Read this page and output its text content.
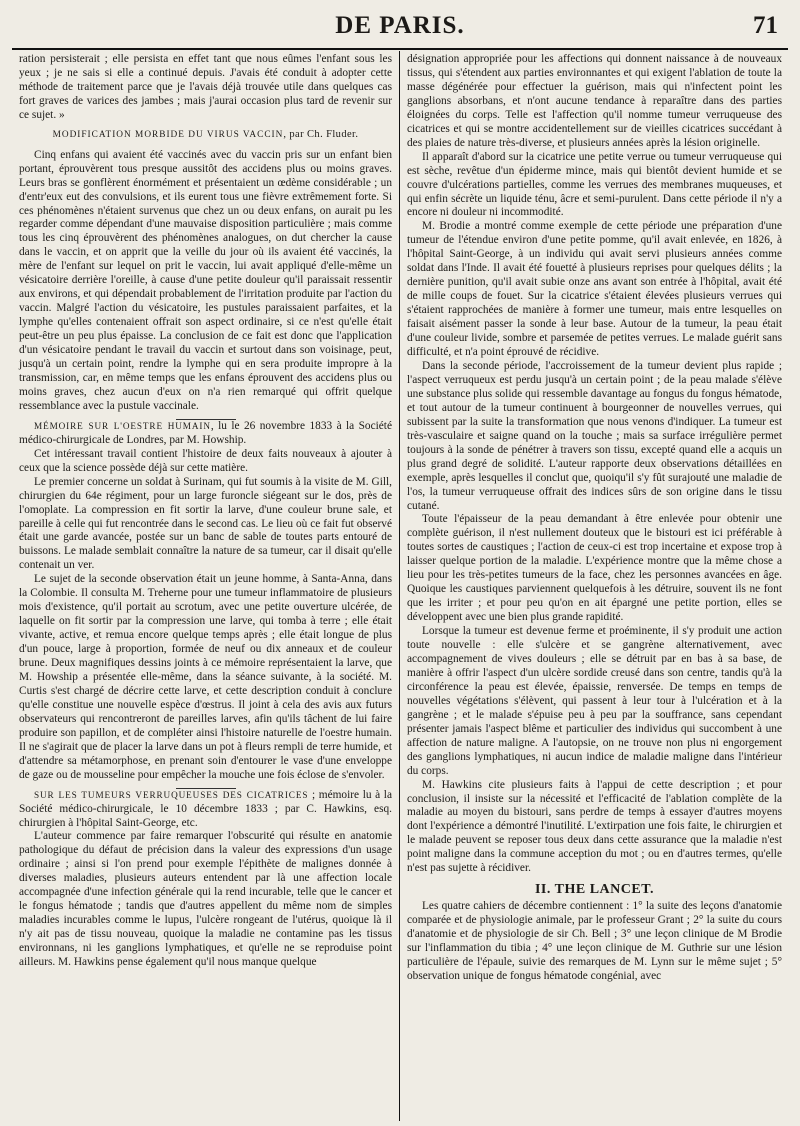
DE PARIS.	71

ration persisterait ; elle persista en effet tant que nous eûmes l'enfant sous les yeux ; je ne sais si elle a continué depuis. J'avais été conduit à adopter cette méthode de traitement parce que je l'avais déjà trouvée utile dans quelques cas fort graves de varices des jambes ; mais j'aurai occasion plus tard de revenir sur ce sujet. »

MODIFICATION MORBIDE DU VIRUS VACCIN, par Ch. Fluder.

Cinq enfans qui avaient été vaccinés avec du vaccin pris sur un enfant bien portant, éprouvèrent tous presque aussitôt des accidens plus ou moins graves. Leurs bras se gonflèrent énormément et présentaient un œdème considérable ; un d'entr'eux eut des convulsions, et ils eurent tous une fièvre extrêmement forte. Si ces phénomènes n'étaient survenus que chez un ou deux enfans, on aurait pu les regarder comme dépendant d'une mauvaise disposition particulière ; mais comme tous les cinq éprouvèrent des phénomènes analogues, on dut chercher la cause dans le vaccin, et on apprit que la veille du jour où ils avaient été vaccinés, la mère de l'enfant sur lequel on prit le vaccin, lui avait appliqué d'elle-même un vésicatoire derrière l'oreille, à cause d'une petite douleur qu'il paraissait ressentir aux environs, et qui dépendait probablement de l'irritation produite par l'action du vaccin. Malgré l'action du vésicatoire, les pustules paraissaient parfaites, et la lymphe qu'elles contenaient offrait son aspect ordinaire, si ce n'est qu'elle était peut-être un peu plus épaisse. La conclusion de ce fait est donc que l'application d'un vésicatoire pendant le travail du vaccin et surtout dans son voisinage, peut, jusqu'à un certain point, rendre la lymphe qui en sera produite impropre à la transmission, car, en même temps que les enfans éprouvent des accidens plus ou moins graves, chez aucun d'eux on n'a rien remarqué qui offrit quelque ressemblance avec la pustule vaccinale.

MÉMOIRE SUR L'OESTRE HUMAIN, lu le 26 novembre 1833 à la Société médico-chirurgicale de Londres, par M. Howship.

Cet intéressant travail contient l'histoire de deux faits nouveaux à ajouter à ceux que la science possède déjà sur cette matière.

Le premier concerne un soldat à Surinam, qui fut soumis à la visite de M. Gill, chirurgien du 64e régiment, pour un large furoncle siégeant sur le dos, près de l'omoplate. La compression en fit sortir la larve, d'une couleur brune sale, et pareille à celle qui fut rencontrée dans le second cas. Le lieu où ce fait fut observé était une garde avancée, postée sur un banc de sable de toutes parts entouré de buissons. Le malade semblait connaître la nature de sa tumeur, car il disait qu'elle contenait un ver.

Le sujet de la seconde observation était un jeune homme, à Santa-Anna, dans la Colombie. Il consulta M. Treherne pour une tumeur inflammatoire de plusieurs mois d'existence, qu'il portait au scrotum, avec une petite ouverture ulcérée, de laquelle on fit sortir par la compression une larve, qui tomba à terre ; elle était vivante, active, et remua encore quelque temps après ; elle était longue de plus d'un pouce, large à proportion, formée de neuf ou dix anneaux et de couleur brune. Deux magnifiques dessins joints à ce mémoire représentaient la larve, que M. Howship a présentée elle-même, dans la séance suivante, à la société. M. Curtis s'est chargé de décrire cette larve, et cette description conduit à conclure qu'elle constitue une nouvelle espèce d'œstrus. Il joint à cela des avis aux futurs observateurs qui rencontreront de pareilles larves, afin qu'ils tâchent de lui faire produire son papillon, et de compléter ainsi l'histoire naturelle de l'oestre humain. Il ne s'agirait que de placer la larve dans un pot à fleurs rempli de terre humide, et d'attendre sa métamorphose, en prenant soin d'entourer le vase d'une enveloppe de gaze ou de mousseline pour empêcher la mouche une fois éclose de s'envoler.

SUR LES TUMEURS VERRUQUEUSES DES CICATRICES ; mémoire lu à la Société médico-chirurgicale, le 10 décembre 1833 ; par C. Hawkins, esq. chirurgien à l'hôpital Saint-George, etc.

L'auteur commence par faire remarquer l'obscurité qui résulte en anatomie pathologique du défaut de précision dans la valeur des expressions d'un usage ordinaire ; ainsi si l'on prend pour exemple l'épithète de malignes donnée à diverses maladies, plusieurs auteurs entendent par là une affection locale accompagnée d'une infection générale qui la rend incurable, telle que le cancer et le fongus hématode ; tandis que d'autres appellent du même nom de simples maladies incurables comme le lupus, l'ulcère rongeant de l'utérus, quoique là il n'y ait pas de tissu nouveau, quoique la maladie ne contamine pas les tissus environnans, ni les ganglions lymphatiques, et qu'elle ne se reproduise point ailleurs. M. Hawkins pense également qu'il nous manque quelque

désignation appropriée pour les affections qui donnent naissance à de nouveaux tissus, qui s'étendent aux parties environnantes et qui exigent l'ablation de toute la masse dégénérée pour effectuer la guérison, mais qui n'infectent point les ganglions absorbans, et n'ont aucune tendance à reparaître dans des parties éloignées du corps. Telle est l'affection qu'il nomme tumeur verruqueuse des cicatrices et qui se montre accidentellement sur de vieilles cicatrices succédant à des plaies de nature très-diverse, et plusieurs années après la lésion originelle.

Il apparaît d'abord sur la cicatrice une petite verrue ou tumeur verruqueuse qui est sèche, revêtue d'un épiderme mince, mais qui bientôt devient humide et se couvre d'ulcérations partielles, comme les verrues des membranes muqueuses, et qui enfin sécrète un liquide ténu, âcre et semi-purulent. Dans cette période il n'y a encore ni douleur ni incommodité.

M. Brodie a montré comme exemple de cette période une préparation d'une tumeur de l'étendue environ d'une petite pomme, qu'il avait enlevée, en 1826, à l'hôpital Saint-George, à un individu qui avait servi plusieurs années comme soldat dans l'Inde. Il avait été fouetté à plusieurs reprises pour quelques délits ; la dernière punition, qu'il avait subie onze ans avant son entrée à l'hôpital, avait été de mille coups de fouet. Sur la cicatrice s'étaient élevées plusieurs verrues qui s'étaient rapprochées de manière à former une tumeur, mais entre lesquelles on faisait aisément passer la sonde à leur base. Autour de la tumeur, la peau était d'une couleur livide, sombre et parsemée de petites verrues. Le malade guérit sans difficulté, et n'a point éprouvé de récidive.

Dans la seconde période, l'accroissement de la tumeur devient plus rapide ; l'aspect verruqueux est perdu jusqu'à un certain point ; de la peau malade s'élève une substance plus solide qui ressemble davantage au fongus du fongus hématode, et tout autour de la tumeur continuent à bourgeonner de nouvelles verrues, qui subissent par la suite la transformation que nous venons d'indiquer. La tumeur est très-vasculaire et saigne quand on la touche ; mais sa surface irrégulière permet toujours à la sonde de pénétrer à travers son tissu, excepté quand elle a acquis un plus grand degré de solidité. L'auteur rapporte deux observations détaillées en exemple, après lesquelles il conclut que, quoiqu'il s'y fût surajouté une maladie de l'os, la tumeur verruqueuse offrait des indices sûrs de son origine dans le tissu cutané.

Toute l'épaisseur de la peau demandant à être enlevée pour obtenir une complète guérison, il n'est nullement douteux que le bistouri est ici préférable à toutes sortes de caustiques ; l'action de ceux-ci est trop incertaine et expose trop à laisser quelque portion de la maladie. L'expérience montre que la même chose a lieu pour les très-petites tumeurs de la face, chez les personnes avancées en âge. Quoique les caustiques parviennent quelquefois à les détruire, souvent ils ne font que les irriter ; et pour peu qu'on en ait épargné une petite portion, elles se développent avec une bien plus grande rapidité.

Lorsque la tumeur est devenue ferme et proéminente, il s'y produit une action toute nouvelle : elle s'ulcère et se gangrène alternativement, avec accompagnement de vives douleurs ; elle se détruit par en bas à sa base, de manière à offrir l'aspect d'un ulcère sordide creusé dans son centre, tandis qu'à la circonférence la peau est élevée, épaissie, renversée. De temps en temps de nouvelles végétations s'élèvent, qui passent à leur tour à l'ulcération et à la gangrène ; et le malade s'épuise peu à peu par la souffrance, sans cependant présenter jamais l'aspect blême et particulier des individus qui succombent à une affection de nature maligne. A l'autopsie, on ne trouve non plus ni engorgement des ganglions lymphatiques, ni aucun indice de maladie maligne dans l'intérieur du corps.

M. Hawkins cite plusieurs faits à l'appui de cette description ; et pour conclusion, il insiste sur la nécessité et l'efficacité de l'ablation complète de la maladie au moyen du bistouri, sans perdre de temps à essayer d'autres moyens dont l'expérience a démontré l'inutilité. L'extirpation une fois faite, le chirurgien et le malade peuvent se reposer tous deux dans cette assurance que la maladie n'est point maligne dans la commune acception du mot ; ou en d'autres termes, qu'elle n'est pas sujette à récidiver.

II. THE LANCET.

Les quatre cahiers de décembre contiennent : 1° la suite des leçons d'anatomie comparée et de physiologie animale, par le professeur Grant ; 2° la suite du cours d'anatomie et de physiologie de sir Ch. Bell ; 3° une leçon clinique de M Brodie sur l'inflammation du tibia ; 4° une leçon clinique de M. Guthrie sur une lésion particulière de l'épaule, suivie des remarques de M. Lynn sur le même sujet ; 5° observation unique de fongus hématode congénial, avec
